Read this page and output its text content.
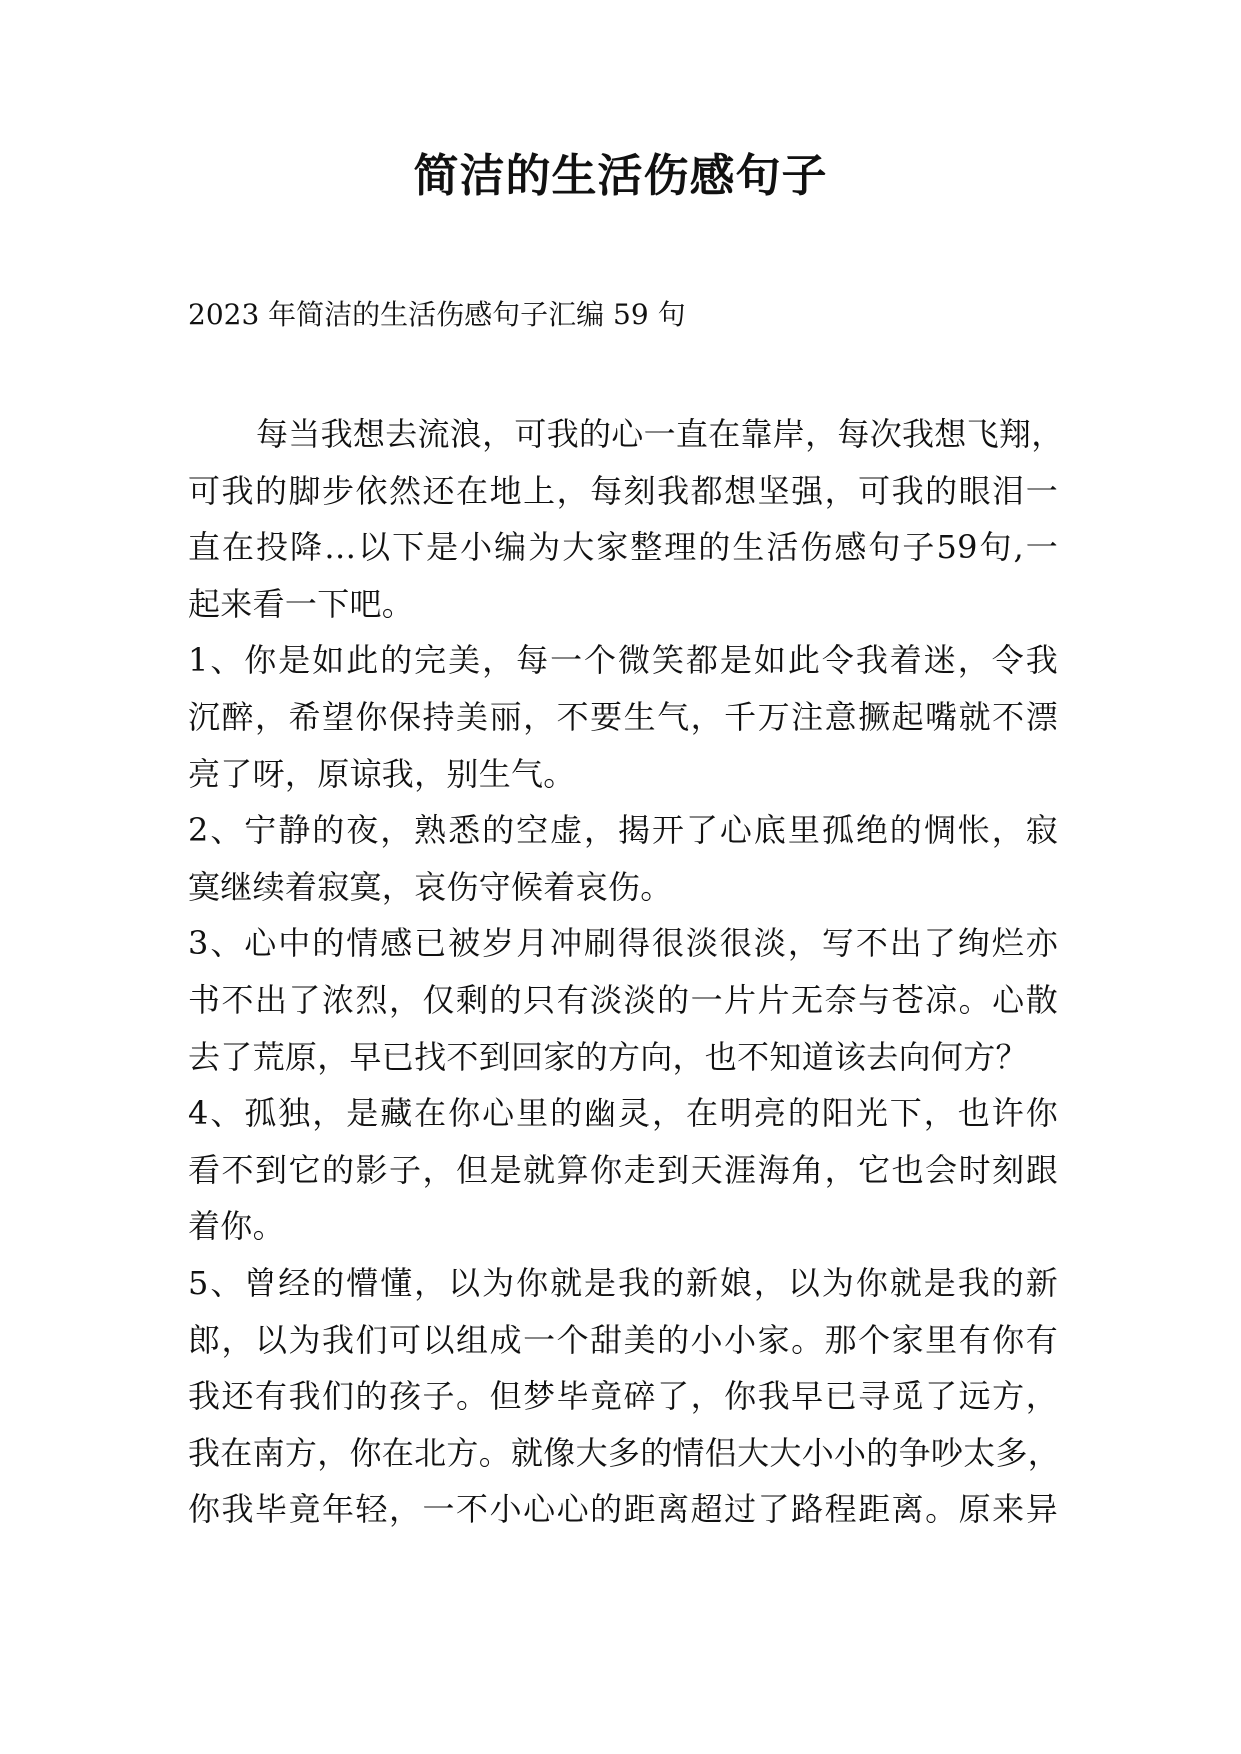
简洁的生活伤感句子
2023 年简洁的生活伤感句子汇编 59 句
每当我想去流浪，可我的心一直在靠岸，每次我想飞翔，
可我的脚步依然还在地上，每刻我都想坚强，可我的眼泪一
直在投降…以下是小编为大家整理的生活伤感句子59句,一
起来看一下吧。
1、你是如此的完美，每一个微笑都是如此令我着迷，令我
沉醉，希望你保持美丽，不要生气，千万注意撅起嘴就不漂
亮了呀，原谅我，别生气。
2、宁静的夜，熟悉的空虚，揭开了心底里孤绝的惆怅，寂
寞继续着寂寞，哀伤守候着哀伤。
3、心中的情感已被岁月冲刷得很淡很淡，写不出了绚烂亦
书不出了浓烈，仅剩的只有淡淡的一片片无奈与苍凉。心散
去了荒原，早已找不到回家的方向，也不知道该去向何方？
4、孤独，是藏在你心里的幽灵，在明亮的阳光下，也许你
看不到它的影子，但是就算你走到天涯海角，它也会时刻跟
着你。
5、曾经的懵懂，以为你就是我的新娘，以为你就是我的新
郎，以为我们可以组成一个甜美的小小家。那个家里有你有
我还有我们的孩子。但梦毕竟碎了，你我早已寻觅了远方，
我在南方，你在北方。就像大多的情侣大大小小的争吵太多，
你我毕竟年轻，一不小心心的距离超过了路程距离。原来异
